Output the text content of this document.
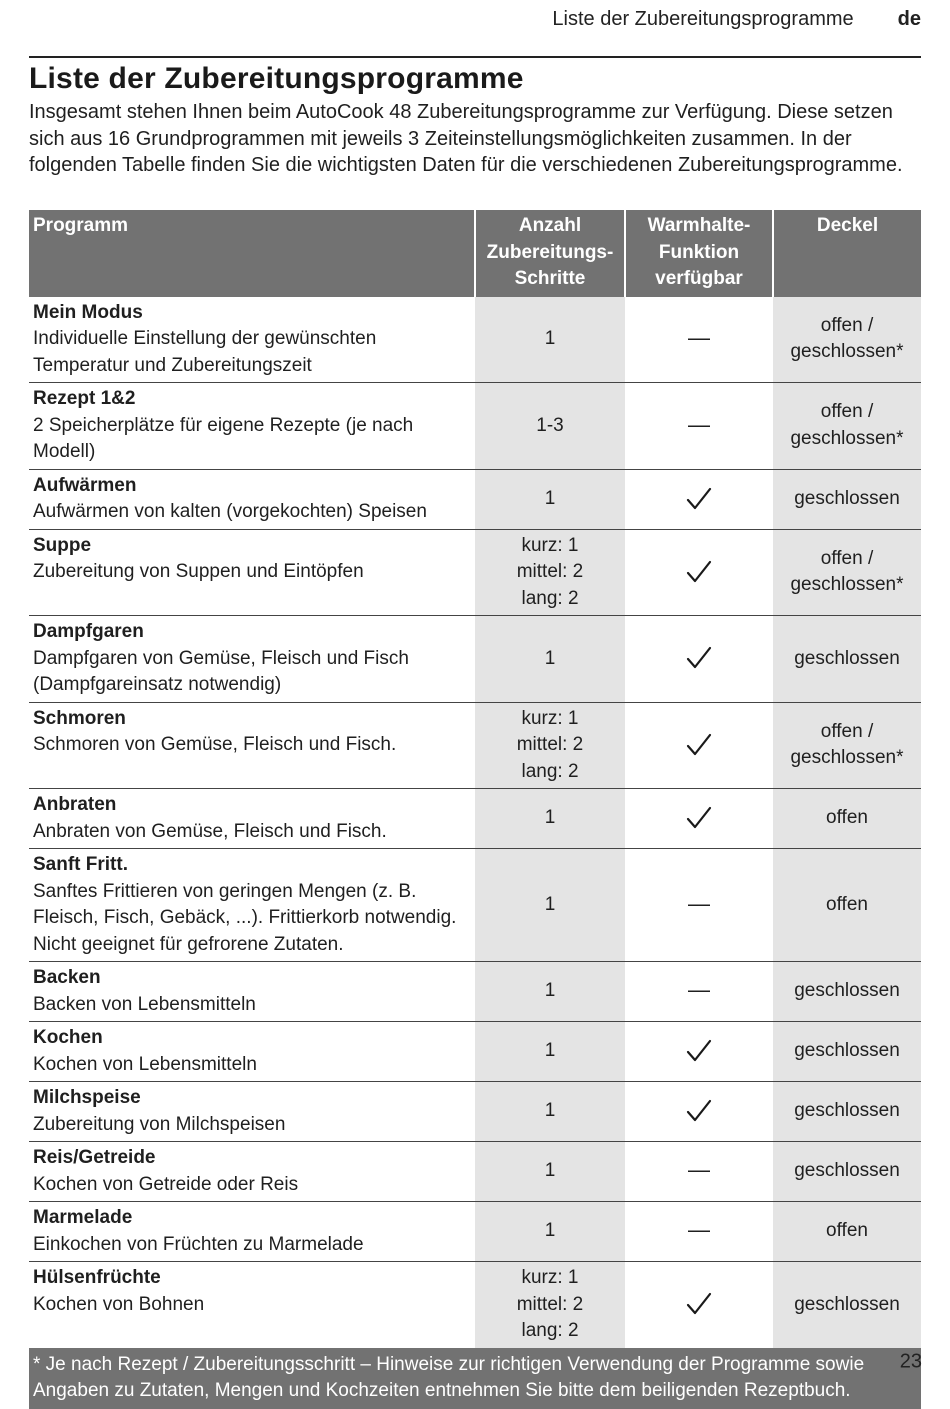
Liste der Zubereitungsprogramme de
Liste der Zubereitungsprogramme

Insgesamt stehen Ihnen beim AutoCook 48 Zubereitungsprogramme zur Verfügung. Diese setzen sich aus 16 Grundprogrammen mit jeweils 3 Zeiteinstellungsmöglichkeiten zusammen. In der folgenden Tabelle finden Sie die wichtigsten Daten für die verschiedenen Zubereitungsprogramme.

Programm	Anzahl Zubereitungs-Schritte	Warmhalte-Funktion verfügbar	Deckel

Mein Modus
Individuelle Einstellung der gewünschten Temperatur und Zubereitungszeit	1	—	offen /
geschlossen*

Rezept 1&2
2 Speicherplätze für eigene Rezepte (je nach Modell)	1-3	—	offen /
geschlossen*

Aufwärmen
Aufwärmen von kalten (vorgekochten) Speisen	1		geschlossen

Suppe
Zubereitung von Suppen und Eintöpfen	kurz: 1
mittel: 2
lang: 2		offen /
geschlossen*

Dampfgaren
Dampfgaren von Gemüse, Fleisch und Fisch (Dampfgareinsatz notwendig)	1		geschlossen

Schmoren
Schmoren von Gemüse, Fleisch und Fisch.	kurz: 1
mittel: 2
lang: 2		offen /
geschlossen*

Anbraten
Anbraten von Gemüse, Fleisch und Fisch.	1		offen

Sanft Fritt.
Sanftes Frittieren von geringen Mengen (z. B. Fleisch, Fisch, Gebäck, ...). Frittierkorb notwendig. Nicht geeignet für gefrorene Zutaten.	1	—	offen

Backen
Backen von Lebensmitteln	1	—	geschlossen

Kochen
Kochen von Lebensmitteln	1		geschlossen

Milchspeise
Zubereitung von Milchspeisen	1		geschlossen

Reis/Getreide
Kochen von Getreide oder Reis	1	—	geschlossen

Marmelade
Einkochen von Früchten zu Marmelade	1	—	offen

Hülsenfrüchte
Kochen von Bohnen	kurz: 1
mittel: 2
lang: 2		geschlossen

* Je nach Rezept / Zubereitungsschritt – Hinweise zur richtigen Verwendung der Programme sowie Angaben zu Zutaten, Mengen und Kochzeiten entnehmen Sie bitte dem beiligenden Rezeptbuch.			
23
